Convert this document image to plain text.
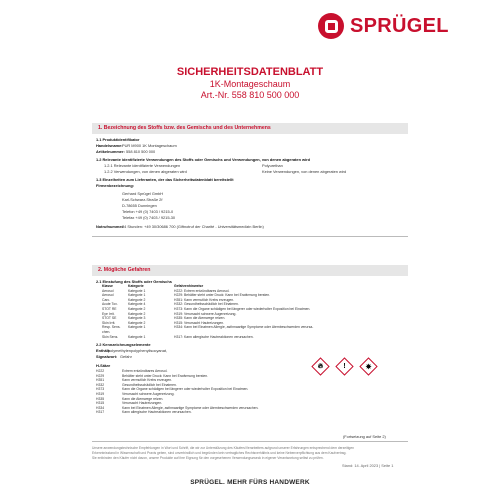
SPRÜGEL
SICHERHEITSDATENBLATT
1K-Montageschaum
Art.-Nr. 558 810 500 000
1. Bezeichnung des Stoffs bzw. des Gemischs und des Unternehmens
1.1 Produktidentifikator
Handelsname: PUR M900 1K Montageschaum
Artikelnummer: 558 810 500 000
1.2 Relevante identifizierte Verwendungen des Stoffs oder Gemischs und Verwendungen, von denen abgeraten wird
1.2.1 Relevante identifizierte Verwendungen	Polyurethan
1.2.2 Verwendungen, von denen abgeraten wird	Keine Verwendungen, von denen abgeraten wird
1.3 Einzelheiten zum Lieferanten, der das Sicherheitsdatenblatt bereitstellt
Firmenbezeichnung:
Gerhard Sprügel GmbH
Karl-Schwarz-Straße 2f
D-78655 Dunningen
Telefon +49 (0) 7403 / 9215-0
Telefax +49 (0) 7403 / 9215-30
Notrufnummer:
24 Stunden: +49 30/30686 700 (Giftnotruf der Charité - Universitätsmedizin Berlin)
2. Mögliche Gefahren
2.1 Einstufung des Stoffs oder Gemischs
Klasse	Kategorie	Gefahrenhinweise
Aerosol	Kategorie 1	H222: Extrem entzündbares Aerosol.
Aerosol	Kategorie 1	H229: Behälter steht unter Druck: Kann bei Erwärmung bersten.
Carc.	Kategorie 2	H351: Kann vermutlich Krebs erzeugen.
Acute Tox.	Kategorie 4	H332: Gesundheitsschädlich bei Einatmen.
STOT RE	Kategorie 2	H373: Kann die Organe schädigen bei längerer oder wiederholter Exposition bei Einatmen.
Eye Irrit.	Kategorie 2	H319: Verursacht schwere Augenreizung.
STOT SE	Kategorie 3	H335: Kann die Atemwege reizen.
Skin Irrit.	Kategorie 2	H315: Verursacht Hautreizungen.
Resp. Sens. Kategorie 1	H334: Kann bei Einatmen Allergie, asthmaartige Symptome oder Atembeschwerden verursa-
chen.
Skin Sens.	Kategorie 1	H317: Kann allergische Hautreaktionen verursachen.
2.2 Kennzeichnungselemente
Enthält:
polymethylenpolyphenylisocyanat,
Signalwort: Gefahr
H-Sätze	🔥︎	!	✵
H222	Extrem entzündbares Aerosol.
H229	Behälter steht unter Druck: Kann bei Erwärmung bersten.
H351	Kann vermutlich Krebs erzeugen.
H332	Gesundheitsschädlich bei Einatmen.
H373	Kann die Organe schädigen bei längerer oder wiederholter Exposition bei Einatmen.
H319	Verursacht schwere Augenreizung.
H335	Kann die Atemwege reizen.
H315	Verursacht Hautreizungen.
H334	Kann bei Einatmen Allergie, asthmaartige Symptome oder Atembeschwerden verursachen.
H317	Kann allergische Hautreaktionen verursachen.
(Fortsetzung auf Seite 2)
Unsere anwendungstechnische Empfehlungen in Wort und Schrift, die wir zur Unterstützung des Käufers/Verarbeiters aufgrund unserer Erfahrungen entsprechend dem derzeitigen
Erkenntnisstand in Wissenschaft und Praxis geben, sind unverbindlich und begründen kein vertragliches Rechtsverhältnis und keine Nebenverpflichtung aus dem Kaufvertrag.
Sie entbinden den Käufer nicht davon, unsere Produkte auf ihre Eignung für den vorgesehenen Verwendungszweck in eigener Verantwortung selbst zu prüfen.
Stand: 14. April 2023 | Seite 1
SPRÜGEL. MEHR FÜRS HANDWERK
